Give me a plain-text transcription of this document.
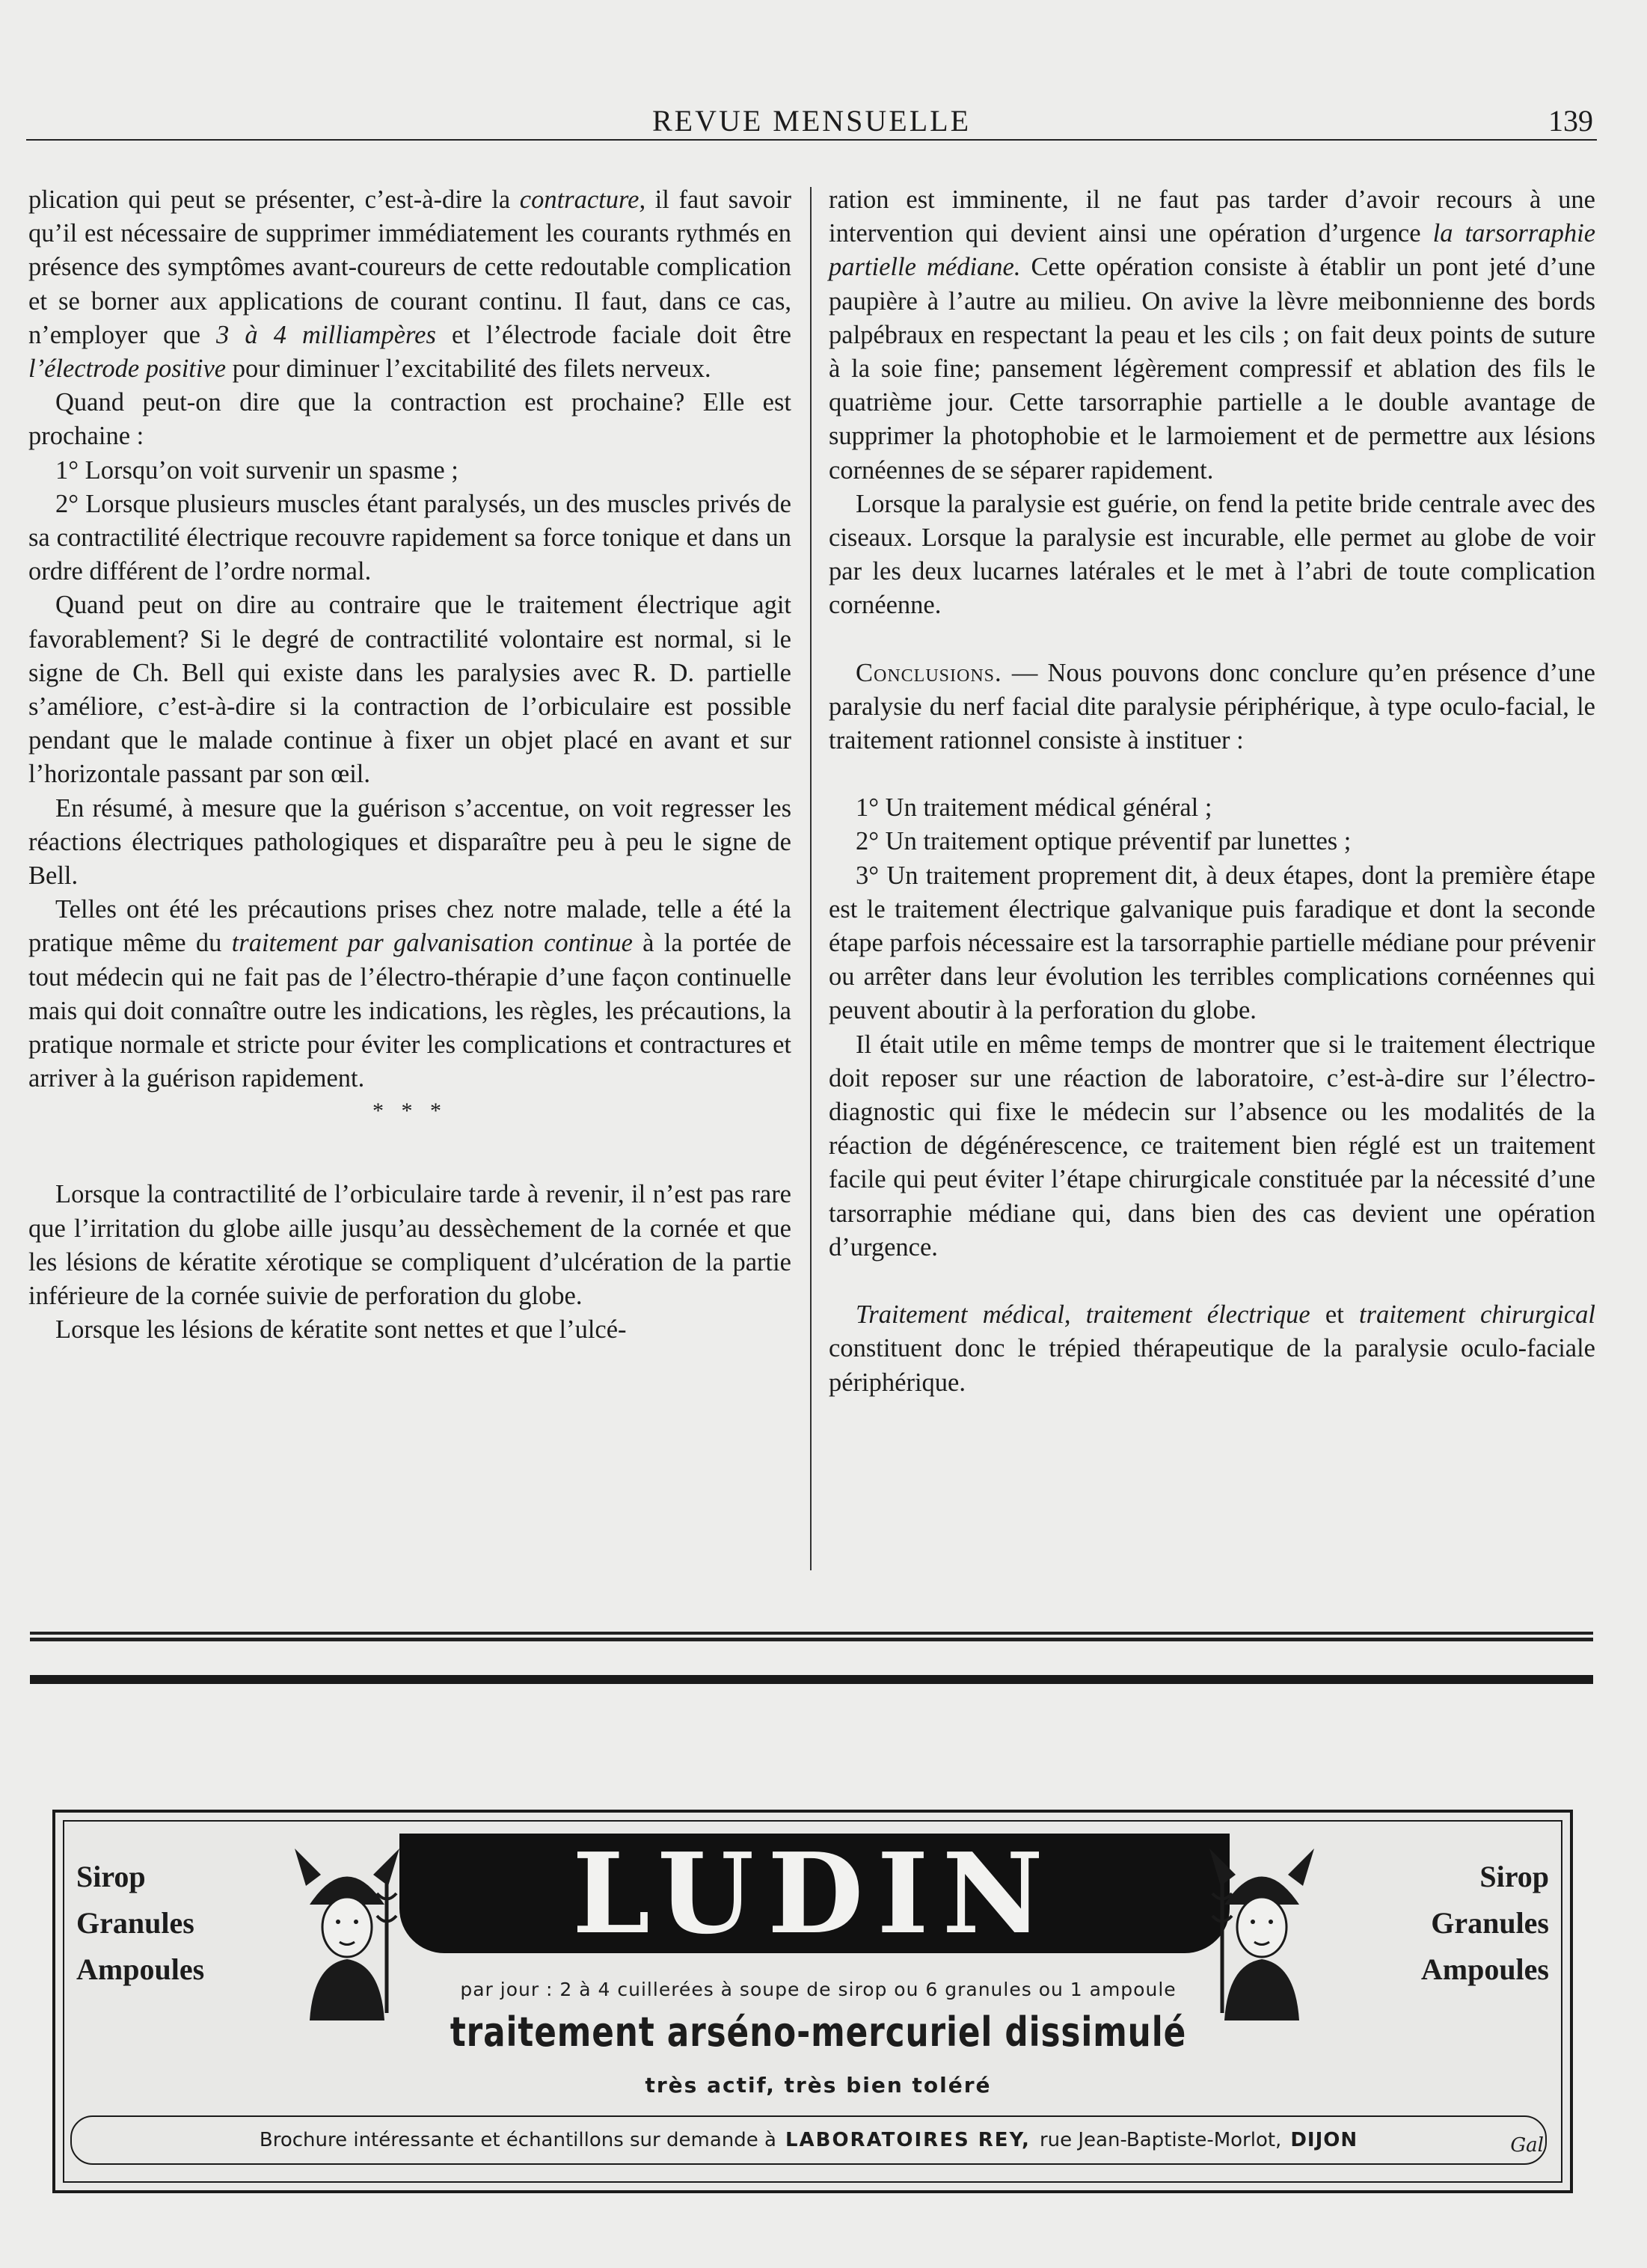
REVUE MENSUELLE	139

plication qui peut se présenter, c’est-à-dire la contracture, il faut savoir qu’il est nécessaire de supprimer immédiatement les courants rythmés en présence des symptômes avant-coureurs de cette redoutable complication et se borner aux applications de courant continu. Il faut, dans ce cas, n’employer que 3 à 4 milliampères et l’électrode faciale doit être l’électrode positive pour diminuer l’excitabilité des filets nerveux.

Quand peut-on dire que la contraction est prochaine? Elle est prochaine :

1° Lorsqu’on voit survenir un spasme ;

2° Lorsque plusieurs muscles étant paralysés, un des muscles privés de sa contractilité électrique recouvre rapidement sa force tonique et dans un ordre différent de l’ordre normal.

Quand peut on dire au contraire que le traitement électrique agit favorablement? Si le degré de contractilité volontaire est normal, si le signe de Ch. Bell qui existe dans les paralysies avec R. D. partielle s’améliore, c’est-à-dire si la contraction de l’orbiculaire est possible pendant que le malade continue à fixer un objet placé en avant et sur l’horizontale passant par son œil.

En résumé, à mesure que la guérison s’accentue, on voit regresser les réactions électriques pathologiques et disparaître peu à peu le signe de Bell.

Telles ont été les précautions prises chez notre malade, telle a été la pratique même du traitement par galvanisation continue à la portée de tout médecin qui ne fait pas de l’électro-thérapie d’une façon continuelle mais qui doit connaître outre les indications, les règles, les précautions, la pratique normale et stricte pour éviter les complications et contractures et arriver à la guérison rapidement.

* * *

Lorsque la contractilité de l’orbiculaire tarde à revenir, il n’est pas rare que l’irritation du globe aille jusqu’au dessèchement de la cornée et que les lésions de kératite xérotique se compliquent d’ulcération de la partie inférieure de la cornée suivie de perforation du globe.

Lorsque les lésions de kératite sont nettes et que l’ulcé-

ration est imminente, il ne faut pas tarder d’avoir recours à une intervention qui devient ainsi une opération d’urgence la tarsorraphie partielle médiane. Cette opération consiste à établir un pont jeté d’une paupière à l’autre au milieu. On avive la lèvre meibonnienne des bords palpébraux en respectant la peau et les cils ; on fait deux points de suture à la soie fine; pansement légèrement compressif et ablation des fils le quatrième jour. Cette tarsorraphie partielle a le double avantage de supprimer la photophobie et le larmoiement et de permettre aux lésions cornéennes de se séparer rapidement.

Lorsque la paralysie est guérie, on fend la petite bride centrale avec des ciseaux. Lorsque la paralysie est incurable, elle permet au globe de voir par les deux lucarnes latérales et le met à l’abri de toute complication cornéenne.

Conclusions. — Nous pouvons donc conclure qu’en présence d’une paralysie du nerf facial dite paralysie périphérique, à type oculo-facial, le traitement rationnel consiste à instituer :

1° Un traitement médical général ;
2° Un traitement optique préventif par lunettes ;
3° Un traitement proprement dit, à deux étapes, dont la première étape est le traitement électrique galvanique puis faradique et dont la seconde étape parfois nécessaire est la tarsorraphie partielle médiane pour prévenir ou arrêter dans leur évolution les terribles complications cornéennes qui peuvent aboutir à la perforation du globe.

Il était utile en même temps de montrer que si le traitement électrique doit reposer sur une réaction de laboratoire, c’est-à-dire sur l’électro-diagnostic qui fixe le médecin sur l’absence ou les modalités de la réaction de dégénérescence, ce traitement bien réglé est un traitement facile qui peut éviter l’étape chirurgicale constituée par la nécessité d’une tarsorraphie médiane qui, dans bien des cas devient une opération d’urgence.

Traitement médical, traitement électrique et traitement chirurgical constituent donc le trépied thérapeutique de la paralysie oculo-faciale périphérique.

Sirop
Granules
Ampoules
LUDIN	Sirop
Granules
Ampoules
par jour : 2 à 4 cuillerées à soupe de sirop ou 6 granules ou 1 ampoule
traitement arséno-mercuriel dissimulé
très actif, très bien toléré
Brochure intéressante et échantillons sur demande à LABORATOIRES REY, rue Jean-Baptiste-Morlot, DIJON	Gal
